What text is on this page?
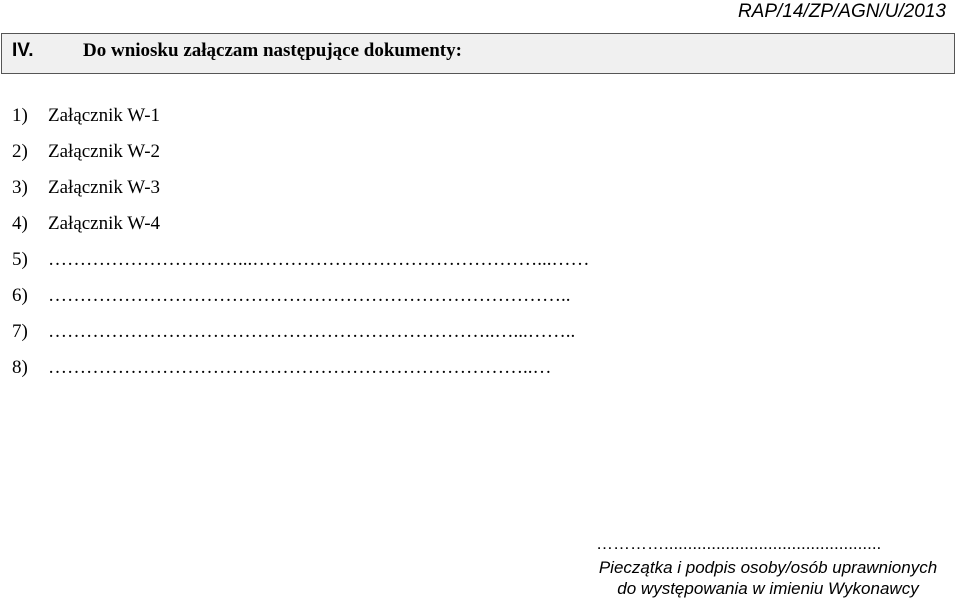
RAP/14/ZP/AGN/U/2013
IV.	Do wniosku załączam następujące dokumenty:
1) Załącznik W-1
2) Załącznik W-2
3) Załącznik W-3
4) Załącznik W-4
5) …………………………...………………………………………...……
6) ………………………………………………………………………..
7) ……………………………………………………………..…...……..
8) …………………………………………………………………..…
…………..............................................
Pieczątka i podpis osoby/osób uprawnionych
do występowania w imieniu Wykonawcy
